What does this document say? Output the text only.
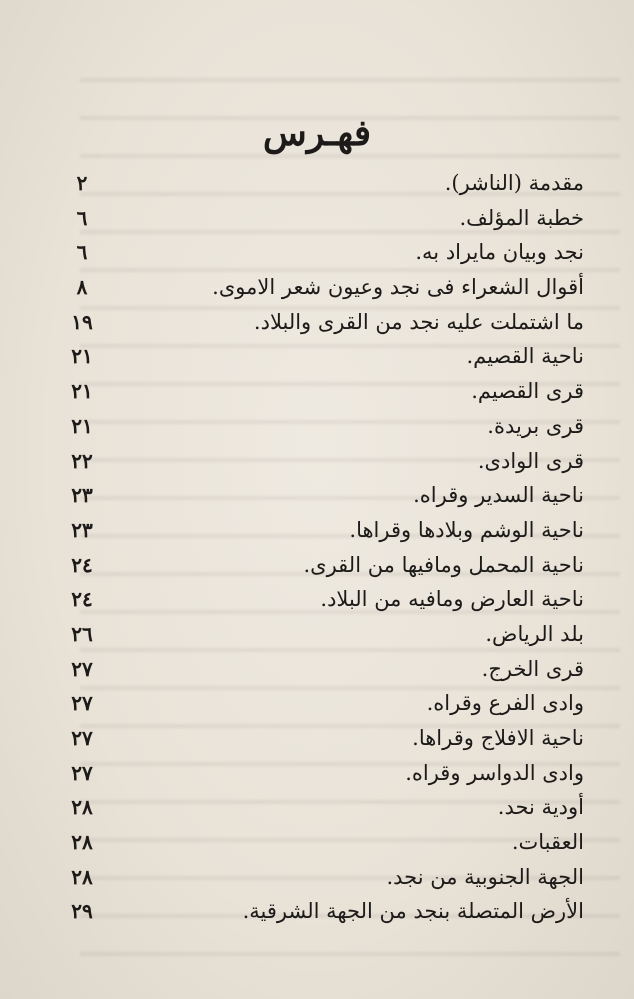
فهـرس
مقدمة (الناشر).
٢
خطبة المؤلف.
٦
نجد وبيان مايراد به.
٦
أقوال الشعراء فى نجد وعيون شعر الاموى.
٨
ما اشتملت عليه نجد من القرى والبلاد.
١٩
ناحية القصيم.
٢١
قرى القصيم.
٢١
قرى بريدة.
٢١
قرى الوادى.
٢٢
ناحية السدير وقراه.
٢٣
ناحية الوشم وبلادها وقراها.
٢٣
ناحية المحمل ومافيها من القرى.
٢٤
ناحية العارض ومافيه من البلاد.
٢٤
بلد الرياض.
٢٦
قرى الخرج.
٢٧
وادى الفرع وقراه.
٢٧
ناحية الافلاج وقراها.
٢٧
وادى الدواسر وقراه.
٢٧
أودية نحد.
٢٨
العقبات.
٢٨
الجهة الجنوبية من نجد.
٢٨
الأرض المتصلة بنجد من الجهة الشرقية.
٢٩
